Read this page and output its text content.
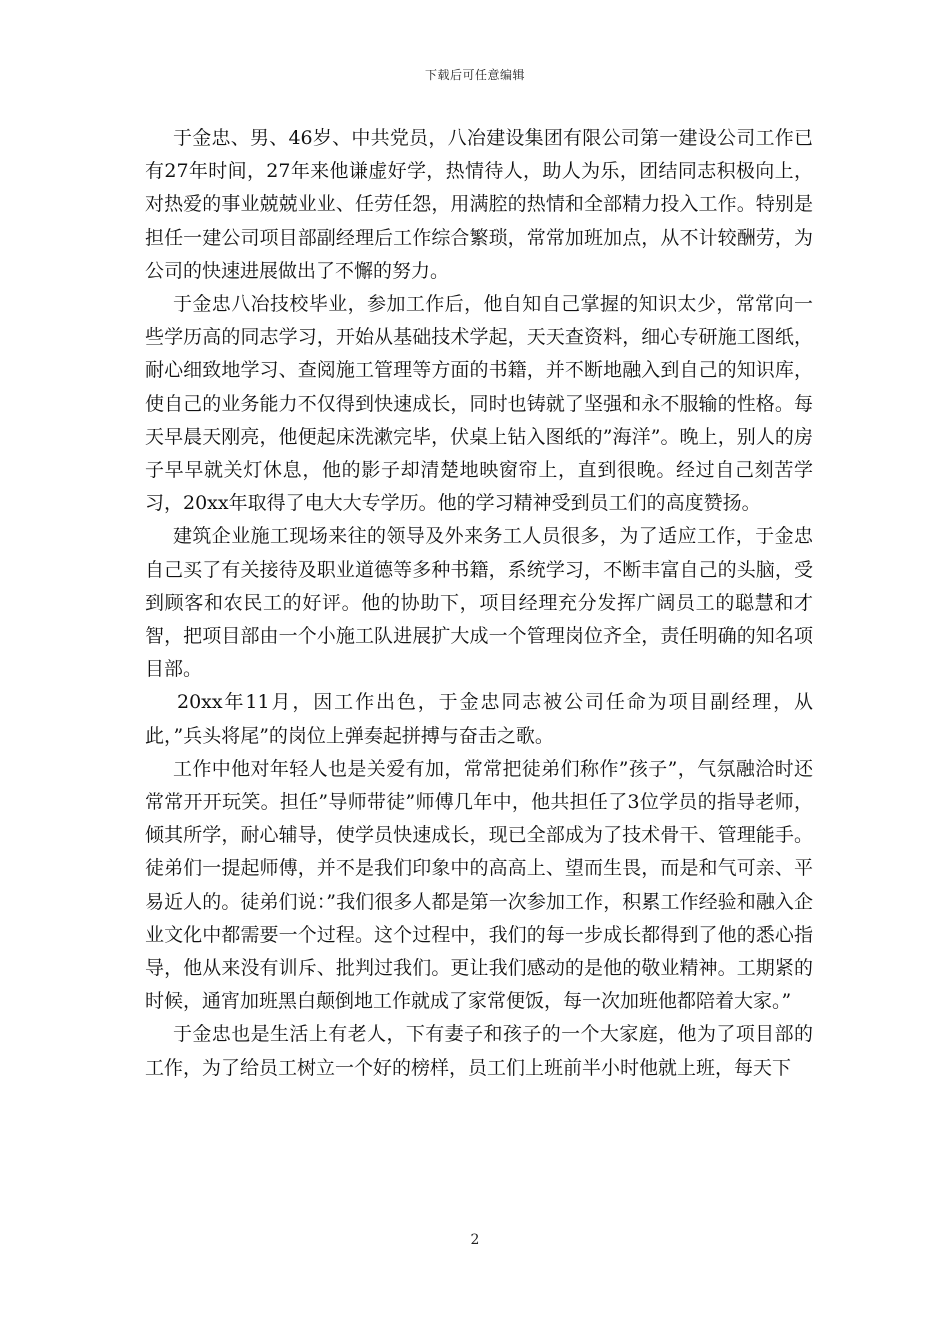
下载后可任意编辑

于金忠、男、46岁、中共党员，八冶建设集团有限公司第一建设公司工作已有27年时间，27年来他谦虚好学，热情待人，助人为乐，团结同志积极向上，对热爱的事业兢兢业业、任劳任怨，用满腔的热情和全部精力投入工作。特别是担任一建公司项目部副经理后工作综合繁琐，常常加班加点，从不计较酬劳，为公司的快速进展做出了不懈的努力。

于金忠八冶技校毕业，参加工作后，他自知自己掌握的知识太少，常常向一些学历高的同志学习，开始从基础技术学起，天天查资料，细心专研施工图纸，耐心细致地学习、查阅施工管理等方面的书籍，并不断地融入到自己的知识库，使自己的业务能力不仅得到快速成长，同时也铸就了坚强和永不服输的性格。每天早晨天刚亮，他便起床洗漱完毕，伏桌上钻入图纸的”海洋”。晚上，别人的房子早早就关灯休息，他的影子却清楚地映窗帘上，直到很晚。经过自己刻苦学习，20xx年取得了电大大专学历。他的学习精神受到员工们的高度赞扬。

建筑企业施工现场来往的领导及外来务工人员很多，为了适应工作，于金忠自己买了有关接待及职业道德等多种书籍，系统学习，不断丰富自己的头脑，受到顾客和农民工的好评。他的协助下，项目经理充分发挥广阔员工的聪慧和才智，把项目部由一个小施工队进展扩大成一个管理岗位齐全，责任明确的知名项目部。

20xx年11月，因工作出色，于金忠同志被公司任命为项目副经理，从此，”兵头将尾”的岗位上弹奏起拼搏与奋击之歌。

工作中他对年轻人也是关爱有加，常常把徒弟们称作”孩子”，气氛融洽时还常常开开玩笑。担任”导师带徒”师傅几年中，他共担任了3位学员的指导老师，倾其所学，耐心辅导，使学员快速成长，现已全部成为了技术骨干、管理能手。徒弟们一提起师傅，并不是我们印象中的高高上、望而生畏，而是和气可亲、平易近人的。徒弟们说：”我们很多人都是第一次参加工作，积累工作经验和融入企业文化中都需要一个过程。这个过程中，我们的每一步成长都得到了他的悉心指导，他从来没有训斥、批判过我们。更让我们感动的是他的敬业精神。工期紧的时候，通宵加班黑白颠倒地工作就成了家常便饭，每一次加班他都陪着大家。”

于金忠也是生活上有老人，下有妻子和孩子的一个大家庭，他为了项目部的工作，为了给员工树立一个好的榜样，员工们上班前半小时他就上班，每天下

2
